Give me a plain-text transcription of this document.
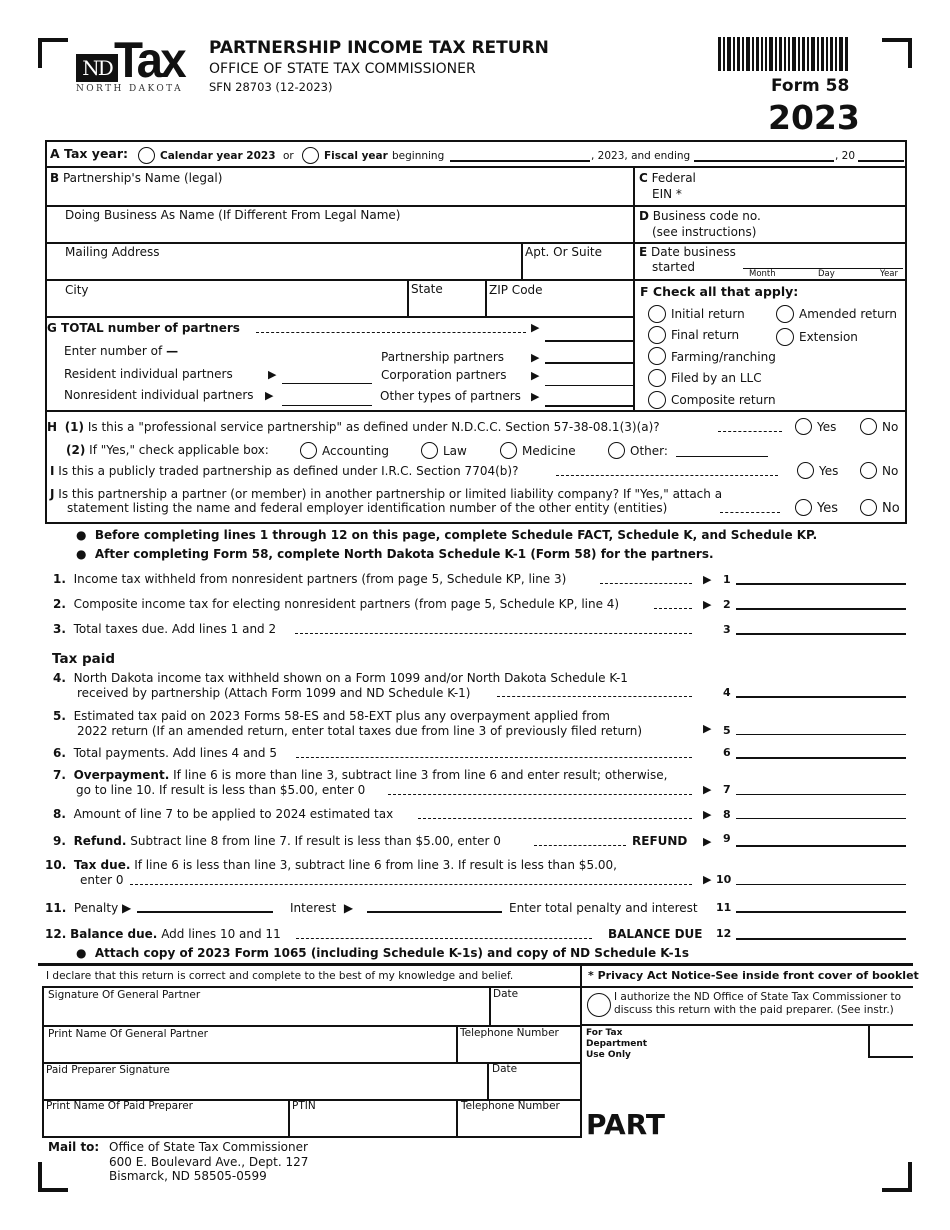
ND Tax
NORTH DAKOTA
PARTNERSHIP INCOME TAX RETURN
OFFICE OF STATE TAX COMMISSIONER
SFN 28703 (12-2023)	Form 58
2023
A Tax year:	Calendar year 2023 or	Fiscal year beginning	, 2023, and ending	, 20
B Partnership's Name (legal)
Doing Business As Name (If Different From Legal Name)
Mailing Address	Apt. Or Suite
City	State	ZIP Code
C Federal
EIN *
D Business code no.
(see instructions)
E Date business
started	Month	Day	Year
F Check all that apply:
Initial return	Amended return
Final return	Extension
Farming/ranching
Filed by an LLC
Composite return
G TOTAL number of partners	▶
Enter number of —
Resident individual partners	▶
Nonresident individual partners ▶
Partnership partners ▶
Corporation partners ▶
Other types of partners ▶
H (1) Is this a "professional service partnership" as defined under N.D.C.C. Section 57-38-08.1(3)(a)?	Yes	No
(2) If "Yes," check applicable box:	Accounting	Law	Medicine	Other:
I Is this a publicly traded partnership as defined under I.R.C. Section 7704(b)?	Yes	No
J Is this partnership a partner (or member) in another partnership or limited liability company? If "Yes," attach a
statement listing the name and federal employer identification number of the other entity (entities)	Yes	No
●  Before completing lines 1 through 12 on this page, complete Schedule FACT, Schedule K, and Schedule KP.
●  After completing Form 58, complete North Dakota Schedule K-1 (Form 58) for the partners.
1. Income tax withheld from nonresident partners (from page 5, Schedule KP, line 3)	▶ 1
2. Composite income tax for electing nonresident partners (from page 5, Schedule KP, line 4)	▶ 2
3. Total taxes due. Add lines 1 and 2	3
Tax paid
4. North Dakota income tax withheld shown on a Form 1099 and/or North Dakota Schedule K-1
received by partnership (Attach Form 1099 and ND Schedule K-1)	4
5. Estimated tax paid on 2023 Forms 58-ES and 58-EXT plus any overpayment applied from
2022 return (If an amended return, enter total taxes due from line 3 of previously filed return)	▶ 5
6. Total payments. Add lines 4 and 5	6
7. Overpayment. If line 6 is more than line 3, subtract line 3 from line 6 and enter result; otherwise,
go to line 10. If result is less than $5.00, enter 0	▶ 7
8. Amount of line 7 to be applied to 2024 estimated tax	▶ 8
9. Refund. Subtract line 8 from line 7. If result is less than $5.00, enter 0	REFUND ▶ 9
10. Tax due. If line 6 is less than line 3, subtract line 6 from line 3. If result is less than $5.00,
enter 0	▶ 10
11. Penalty ▶	Interest  ▶	Enter total penalty and interest 11
12. Balance due. Add lines 10 and 11	BALANCE DUE 12
●  Attach copy of 2023 Form 1065 (including Schedule K-1s) and copy of ND Schedule K-1s
I declare that this return is correct and complete to the best of my knowledge and belief.	* Privacy Act Notice-See inside front cover of booklet
Signature Of General Partner	Date
Print Name Of General Partner	Telephone Number
Paid Preparer Signature	Date
Print Name Of Paid Preparer	PTIN	Telephone Number
I authorize the ND Office of State Tax Commissioner to
discuss this return with the paid preparer. (See instr.)
For Tax
Department
Use Only
PART
Mail to: Office of State Tax Commissioner
600 E. Boulevard Ave., Dept. 127
Bismarck, ND 58505-0599
